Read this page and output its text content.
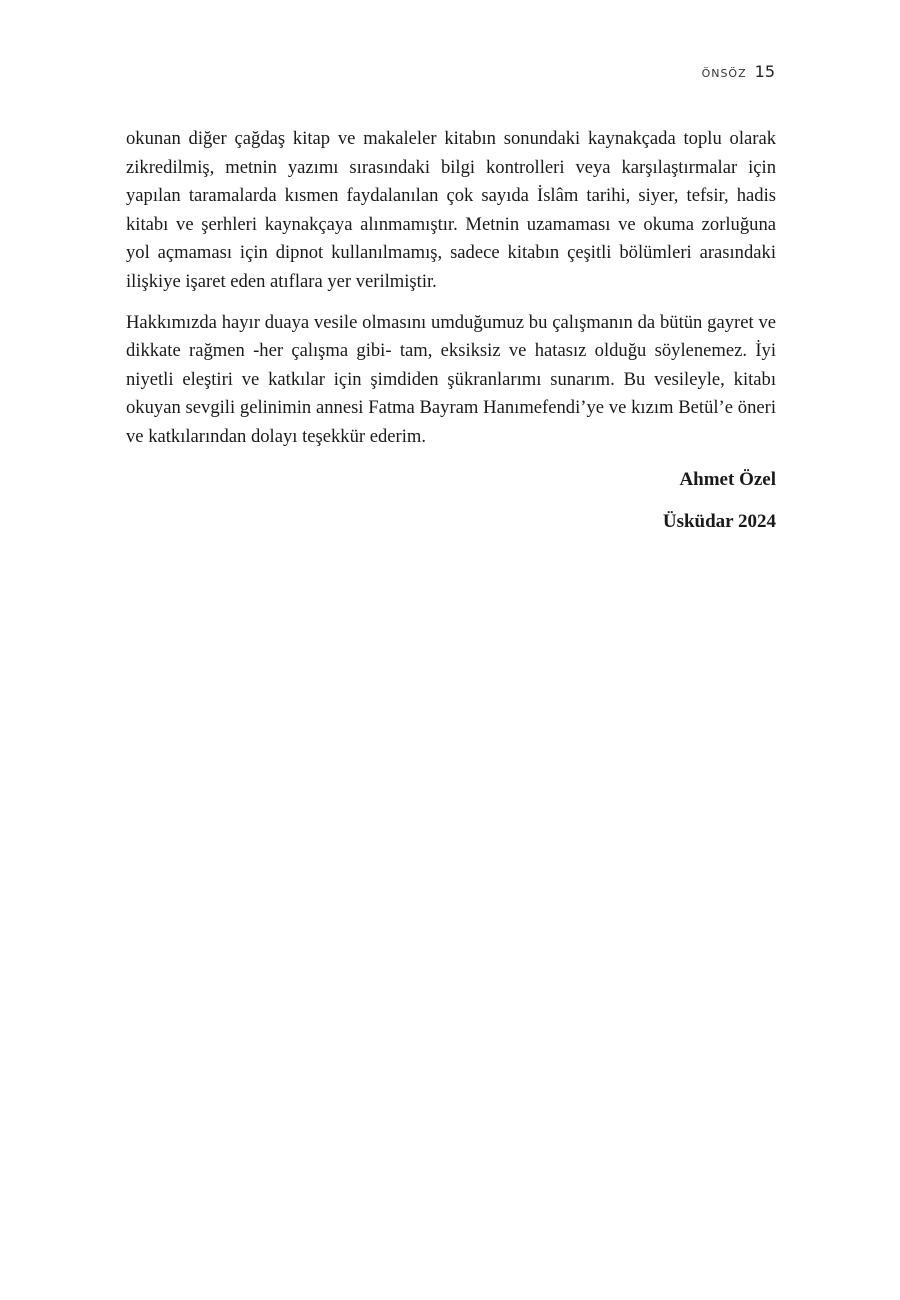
ÖNSÖZ 15

okunan diğer çağdaş kitap ve makaleler kitabın sonundaki kaynakçada toplu olarak zikredilmiş, metnin yazımı sırasındaki bilgi kontrolleri veya karşılaştırmalar için yapılan taramalarda kısmen faydalanılan çok sayıda İslâm tarihi, siyer, tefsir, hadis kitabı ve şerhleri kaynakçaya alınmamıştır. Metnin uzamaması ve okuma zorluğuna yol açmaması için dipnot kullanılmamış, sadece kitabın çeşitli bölümleri arasındaki ilişkiye işaret eden atıflara yer verilmiştir.

Hakkımızda hayır duaya vesile olmasını umduğumuz bu çalışmanın da bütün gayret ve dikkate rağmen -her çalışma gibi- tam, eksiksiz ve hatasız olduğu söylenemez. İyi niyetli eleştiri ve katkılar için şimdiden şükranlarımı sunarım. Bu vesileyle, kitabı okuyan sevgili gelinimin annesi Fatma Bayram Hanımefendi’ye ve kızım Betül’e öneri ve katkılarından dolayı teşekkür ederim.

Ahmet Özel

Üsküdar 2024
